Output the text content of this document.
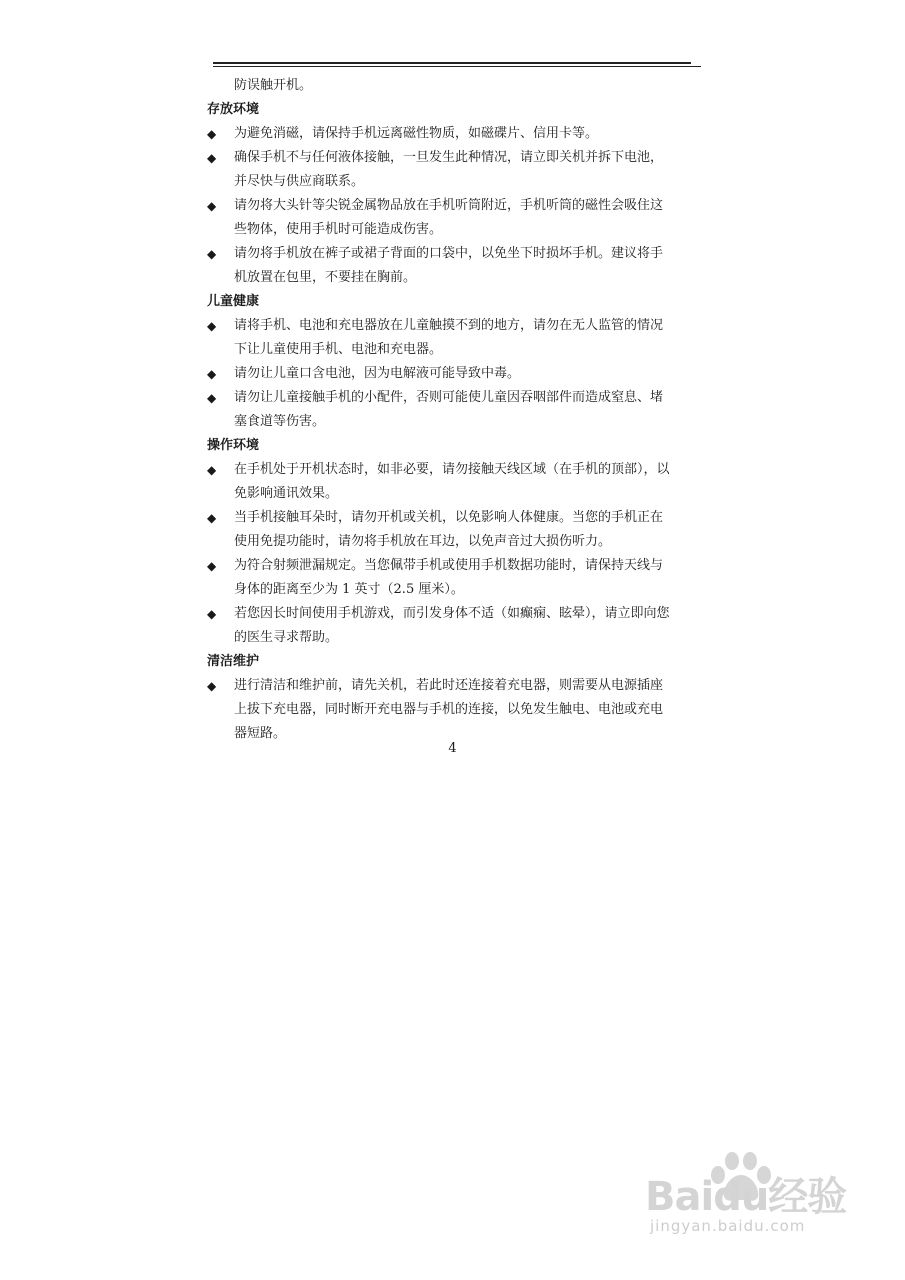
防误触开机。
存放环境
◆	为避免消磁，请保持手机远离磁性物质，如磁碟片、信用卡等。
◆	确保手机不与任何液体接触，一旦发生此种情况，请立即关机并拆下电池，
并尽快与供应商联系。
◆	请勿将大头针等尖锐金属物品放在手机听筒附近，手机听筒的磁性会吸住这
些物体，使用手机时可能造成伤害。
◆	请勿将手机放在裤子或裙子背面的口袋中，以免坐下时损坏手机。建议将手
机放置在包里，不要挂在胸前。
儿童健康
◆	请将手机、电池和充电器放在儿童触摸不到的地方，请勿在无人监管的情况
下让儿童使用手机、电池和充电器。
◆	请勿让儿童口含电池，因为电解液可能导致中毒。
◆	请勿让儿童接触手机的小配件，否则可能使儿童因吞咽部件而造成窒息、堵
塞食道等伤害。
操作环境
◆	在手机处于开机状态时，如非必要，请勿接触天线区域（在手机的顶部），以
免影响通讯效果。
◆	当手机接触耳朵时，请勿开机或关机，以免影响人体健康。当您的手机正在
使用免提功能时，请勿将手机放在耳边，以免声音过大损伤听力。
◆	为符合射频泄漏规定。当您佩带手机或使用手机数据功能时，请保持天线与
身体的距离至少为 1 英寸（2.5 厘米）。
◆	若您因长时间使用手机游戏，而引发身体不适（如癫痫、眩晕），请立即向您
的医生寻求帮助。
清洁维护
◆	进行清洁和维护前，请先关机，若此时还连接着充电器，则需要从电源插座
上拔下充电器，同时断开充电器与手机的连接，以免发生触电、电池或充电
器短路。
4
Baidu经验
jingyan.baidu.com
